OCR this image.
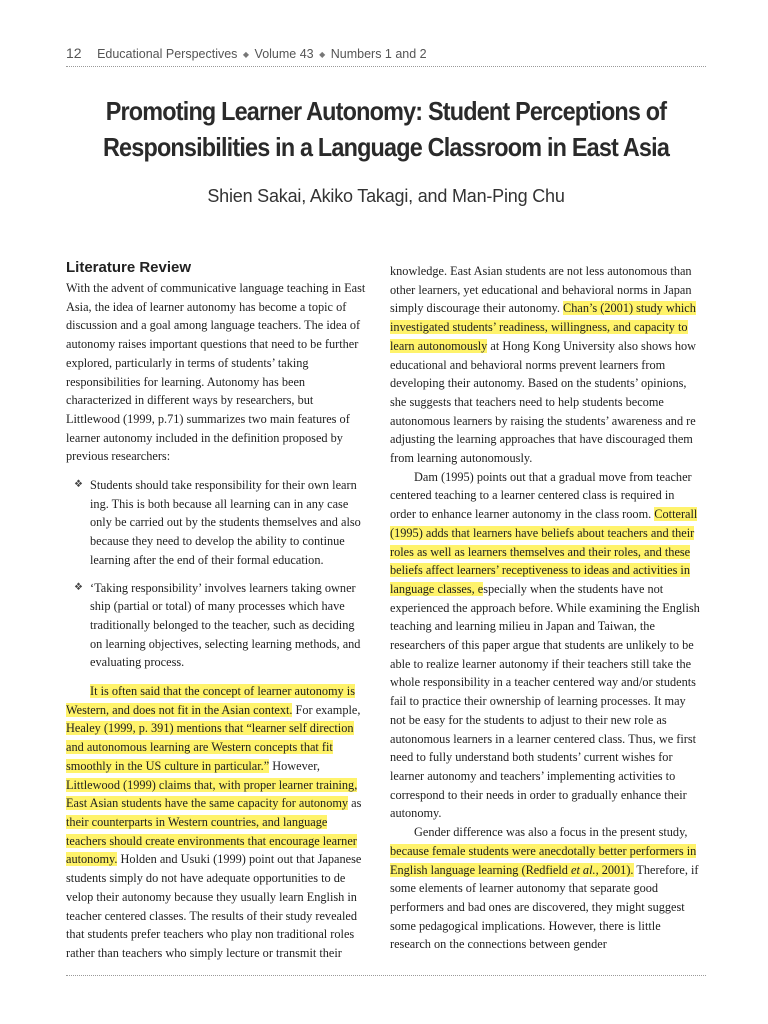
12 Educational Perspectives ◆ Volume 43 ◆ Numbers 1 and 2
Promoting Learner Autonomy: Student Perceptions of Responsibilities in a Language Classroom in East Asia
Shien Sakai, Akiko Takagi, and Man-Ping Chu
Literature Review

With the advent of communicative language teaching in East Asia, the idea of learner autonomy has become a topic of discussion and a goal among language teachers. The idea of autonomy raises important questions that need to be further explored, particularly in terms of students’ taking responsibilities for learning. Autonomy has been characterized in different ways by researchers, but Littlewood (1999, p.71) summarizes two main features of learner autonomy included in the definition proposed by previous researchers:

❖ Students should take responsibility for their own learn ing. This is both because all learning can in any case only be carried out by the students themselves and also because they need to develop the ability to continue learning after the end of their formal education.
❖ ‘Taking responsibility’ involves learners taking owner ship (partial or total) of many processes which have traditionally belonged to the teacher, such as deciding on learning objectives, selecting learning methods, and evaluating process.

It is often said that the concept of learner autonomy is Western, and does not fit in the Asian context. For example, Healey (1999, p. 391) mentions that “learner self direction and autonomous learning are Western concepts that fit smoothly in the US culture in particular.” However, Littlewood (1999) claims that, with proper learner training, East Asian students have the same capacity for autonomy as their counterparts in Western countries, and language teachers should create environments that encourage learner autonomy. Holden and Usuki (1999) point out that Japanese students simply do not have adequate opportunities to de velop their autonomy because they usually learn English in teacher centered classes. The results of their study revealed that students prefer teachers who play non traditional roles rather than teachers who simply lecture or transmit their

knowledge. East Asian students are not less autonomous than other learners, yet educational and behavioral norms in Japan simply discourage their autonomy. Chan’s (2001) study which investigated students’ readiness, willingness, and capacity to learn autonomously at Hong Kong University also shows how educational and behavioral norms prevent learners from developing their autonomy. Based on the students’ opinions, she suggests that teachers need to help students become autonomous learners by raising the students’ awareness and re adjusting the learning approaches that have discouraged them from learning autonomously.

Dam (1995) points out that a gradual move from teacher centered teaching to a learner centered class is required in order to enhance learner autonomy in the class room. Cotterall (1995) adds that learners have beliefs about teachers and their roles as well as learners themselves and their roles, and these beliefs affect learners’ receptiveness to ideas and activities in language classes, especially when the students have not experienced the approach before. While examining the English teaching and learning milieu in Japan and Taiwan, the researchers of this paper argue that students are unlikely to be able to realize learner autonomy if their teachers still take the whole responsibility in a teacher centered way and/or students fail to practice their ownership of learning processes. It may not be easy for the students to adjust to their new role as autonomous learners in a learner centered class. Thus, we first need to fully understand both students’ current wishes for learner autonomy and teachers’ implementing activities to correspond to their needs in order to gradually enhance their autonomy.

Gender difference was also a focus in the present study, because female students were anecdotally better performers in English language learning (Redfield et al., 2001). Therefore, if some elements of learner autonomy that separate good performers and bad ones are discovered, they might suggest some pedagogical implications. However, there is little research on the connections between gender
